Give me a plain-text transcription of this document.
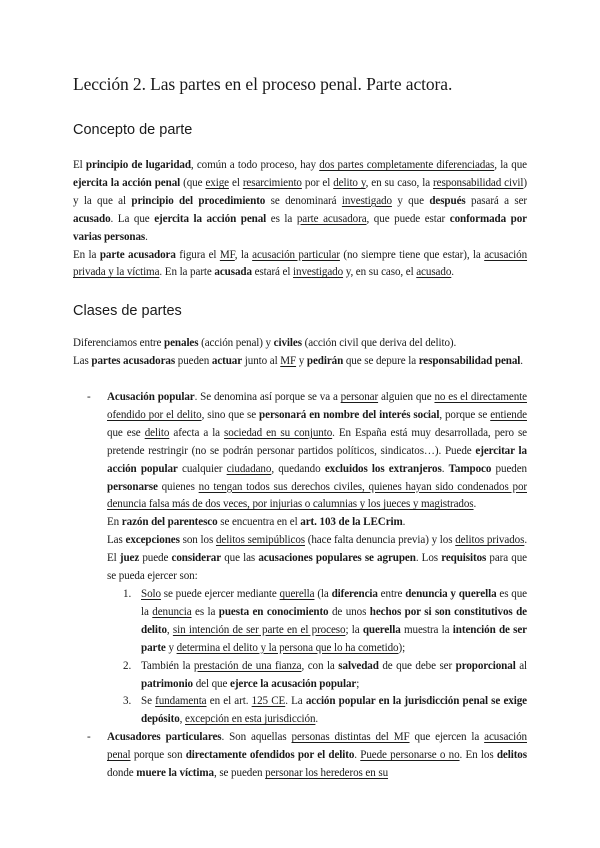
Lección 2. Las partes en el proceso penal. Parte actora.
Concepto de parte

El principio de lugaridad, común a todo proceso, hay dos partes completamente diferenciadas, la que ejercita la acción penal (que exige el resarcimiento por el delito y, en su caso, la responsabilidad civil) y la que al principio del procedimiento se denominará investigado y que después pasará a ser acusado. La que ejercita la acción penal es la parte acusadora, que puede estar conformada por varias personas.

En la parte acusadora figura el MF, la acusación particular (no siempre tiene que estar), la acusación privada y la víctima. En la parte acusada estará el investigado y, en su caso, el acusado.

Clases de partes

Diferenciamos entre penales (acción penal) y civiles (acción civil que deriva del delito).

Las partes acusadoras pueden actuar junto al MF y pedirán que se depure la responsabilidad penal.

- Acusación popular. Se denomina así porque se va a personar alguien que no es el directamente ofendido por el delito, sino que se personará en nombre del interés social, porque se entiende que ese delito afecta a la sociedad en su conjunto. En España está muy desarrollada, pero se pretende restringir (no se podrán personar partidos políticos, sindicatos…). Puede ejercitar la acción popular cualquier ciudadano, quedando excluidos los extranjeros. Tampoco pueden personarse quienes no tengan todos sus derechos civiles, quienes hayan sido condenados por denuncia falsa más de dos veces, por injurias o calumnias y los jueces y magistrados.
En razón del parentesco se encuentra en el art. 103 de la LECrim.
Las excepciones son los delitos semipúblicos (hace falta denuncia previa) y los delitos privados. El juez puede considerar que las acusaciones populares se agrupen. Los requisitos para que se pueda ejercer son:
1. Solo se puede ejercer mediante querella (la diferencia entre denuncia y querella es que la denuncia es la puesta en conocimiento de unos hechos por si son constitutivos de delito, sin intención de ser parte en el proceso; la querella muestra la intención de ser parte y determina el delito y la persona que lo ha cometido);
2. También la prestación de una fianza, con la salvedad de que debe ser proporcional al patrimonio del que ejerce la acusación popular;
3. Se fundamenta en el art. 125 CE. La acción popular en la jurisdicción penal se exige depósito, excepción en esta jurisdicción.
- Acusadores particulares. Son aquellas personas distintas del MF que ejercen la acusación penal porque son directamente ofendidos por el delito. Puede personarse o no. En los delitos donde muere la víctima, se pueden personar los herederos en su
